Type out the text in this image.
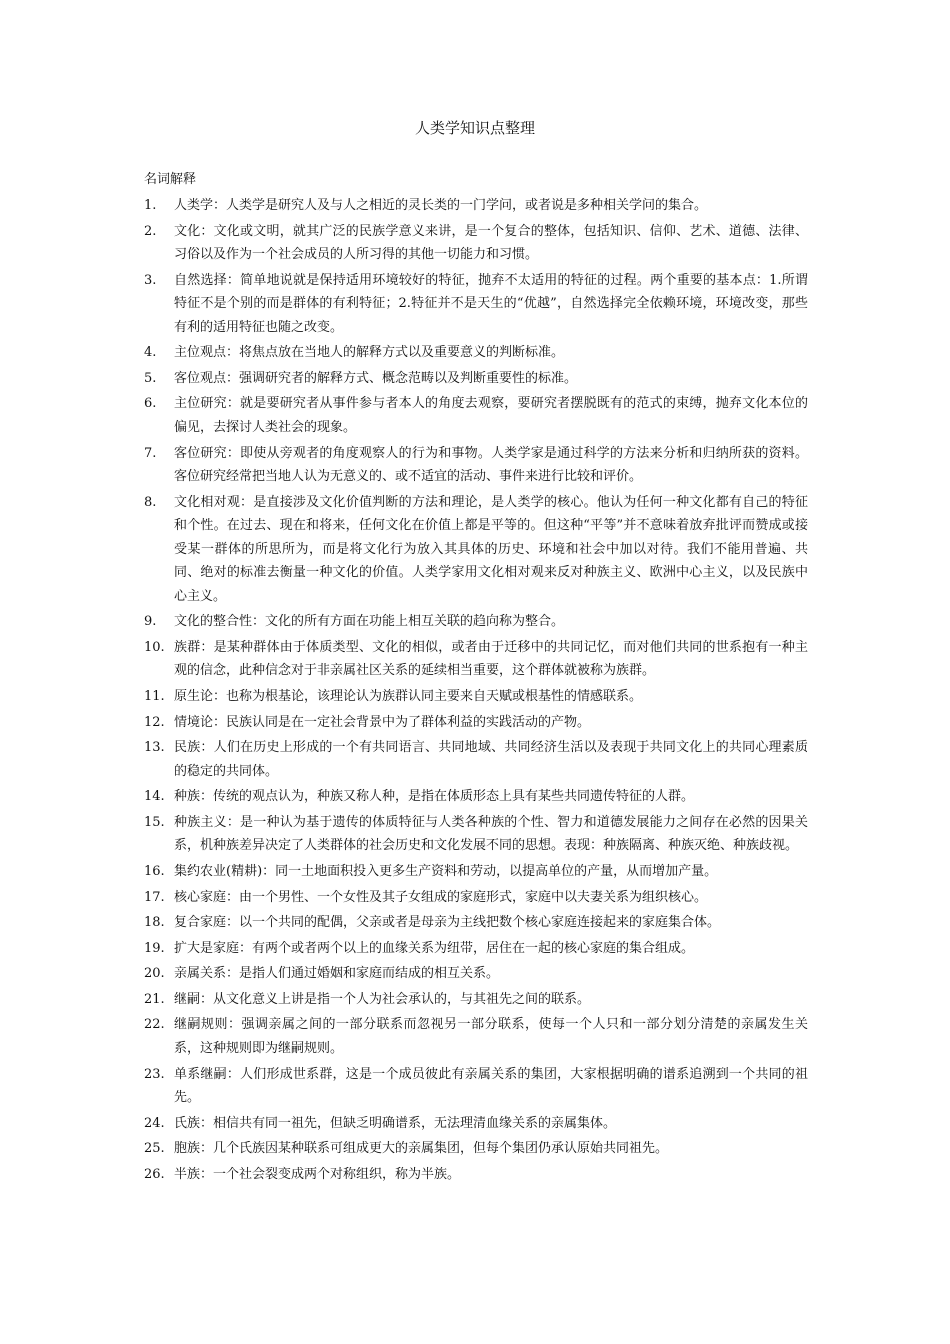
人类学知识点整理
名词解释
1.	人类学：人类学是研究人及与人之相近的灵长类的一门学问，或者说是多种相关学问的集合。
2.	文化：文化或文明，就其广泛的民族学意义来讲，是一个复合的整体，包括知识、信仰、艺术、道德、法律、习俗以及作为一个社会成员的人所习得的其他一切能力和习惯。
3.	自然选择：简单地说就是保持适用环境较好的特征，抛弃不太适用的特征的过程。两个重要的基本点：1.所谓特征不是个别的而是群体的有利特征；2.特征并不是天生的“优越”，自然选择完全依赖环境，环境改变，那些有利的适用特征也随之改变。
4.	主位观点：将焦点放在当地人的解释方式以及重要意义的判断标准。
5.	客位观点：强调研究者的解释方式、概念范畴以及判断重要性的标准。
6.	主位研究：就是要研究者从事件参与者本人的角度去观察，要研究者摆脱既有的范式的束缚，抛弃文化本位的偏见，去探讨人类社会的现象。
7.	客位研究：即使从旁观者的角度观察人的行为和事物。人类学家是通过科学的方法来分析和归纳所获的资料。客位研究经常把当地人认为无意义的、或不适宜的活动、事件来进行比较和评价。
8.	文化相对观：是直接涉及文化价值判断的方法和理论，是人类学的核心。他认为任何一种文化都有自己的特征和个性。在过去、现在和将来，任何文化在价值上都是平等的。但这种“平等”并不意味着放弃批评而赞成或接受某一群体的所思所为，而是将文化行为放入其具体的历史、环境和社会中加以对待。我们不能用普遍、共同、绝对的标准去衡量一种文化的价值。人类学家用文化相对观来反对种族主义、欧洲中心主义，以及民族中心主义。
9.	文化的整合性：文化的所有方面在功能上相互关联的趋向称为整合。
10. 族群：是某种群体由于体质类型、文化的相似，或者由于迁移中的共同记忆，而对他们共同的世系抱有一种主观的信念，此种信念对于非亲属社区关系的延续相当重要，这个群体就被称为族群。
11. 原生论：也称为根基论，该理论认为族群认同主要来自天赋或根基性的情感联系。
12. 情境论：民族认同是在一定社会背景中为了群体利益的实践活动的产物。
13. 民族：人们在历史上形成的一个有共同语言、共同地域、共同经济生活以及表现于共同文化上的共同心理素质的稳定的共同体。
14. 种族：传统的观点认为，种族又称人种，是指在体质形态上具有某些共同遗传特征的人群。
15. 种族主义：是一种认为基于遗传的体质特征与人类各种族的个性、智力和道德发展能力之间存在必然的因果关系，机种族差异决定了人类群体的社会历史和文化发展不同的思想。表现：种族隔离、种族灭绝、种族歧视。
16. 集约农业(精耕)：同一土地面积投入更多生产资料和劳动，以提高单位的产量，从而增加产量。
17. 核心家庭：由一个男性、一个女性及其子女组成的家庭形式，家庭中以夫妻关系为组织核心。
18. 复合家庭：以一个共同的配偶，父亲或者是母亲为主线把数个核心家庭连接起来的家庭集合体。
19. 扩大是家庭：有两个或者两个以上的血缘关系为纽带，居住在一起的核心家庭的集合组成。
20. 亲属关系：是指人们通过婚姻和家庭而结成的相互关系。
21. 继嗣：从文化意义上讲是指一个人为社会承认的，与其祖先之间的联系。
22. 继嗣规则：强调亲属之间的一部分联系而忽视另一部分联系，使每一个人只和一部分划分清楚的亲属发生关系，这种规则即为继嗣规则。
23. 单系继嗣：人们形成世系群，这是一个成员彼此有亲属关系的集团，大家根据明确的谱系追溯到一个共同的祖先。
24. 氏族：相信共有同一祖先，但缺乏明确谱系，无法理清血缘关系的亲属集体。
25. 胞族：几个氏族因某种联系可组成更大的亲属集团，但每个集团仍承认原始共同祖先。
26. 半族：一个社会裂变成两个对称组织，称为半族。
